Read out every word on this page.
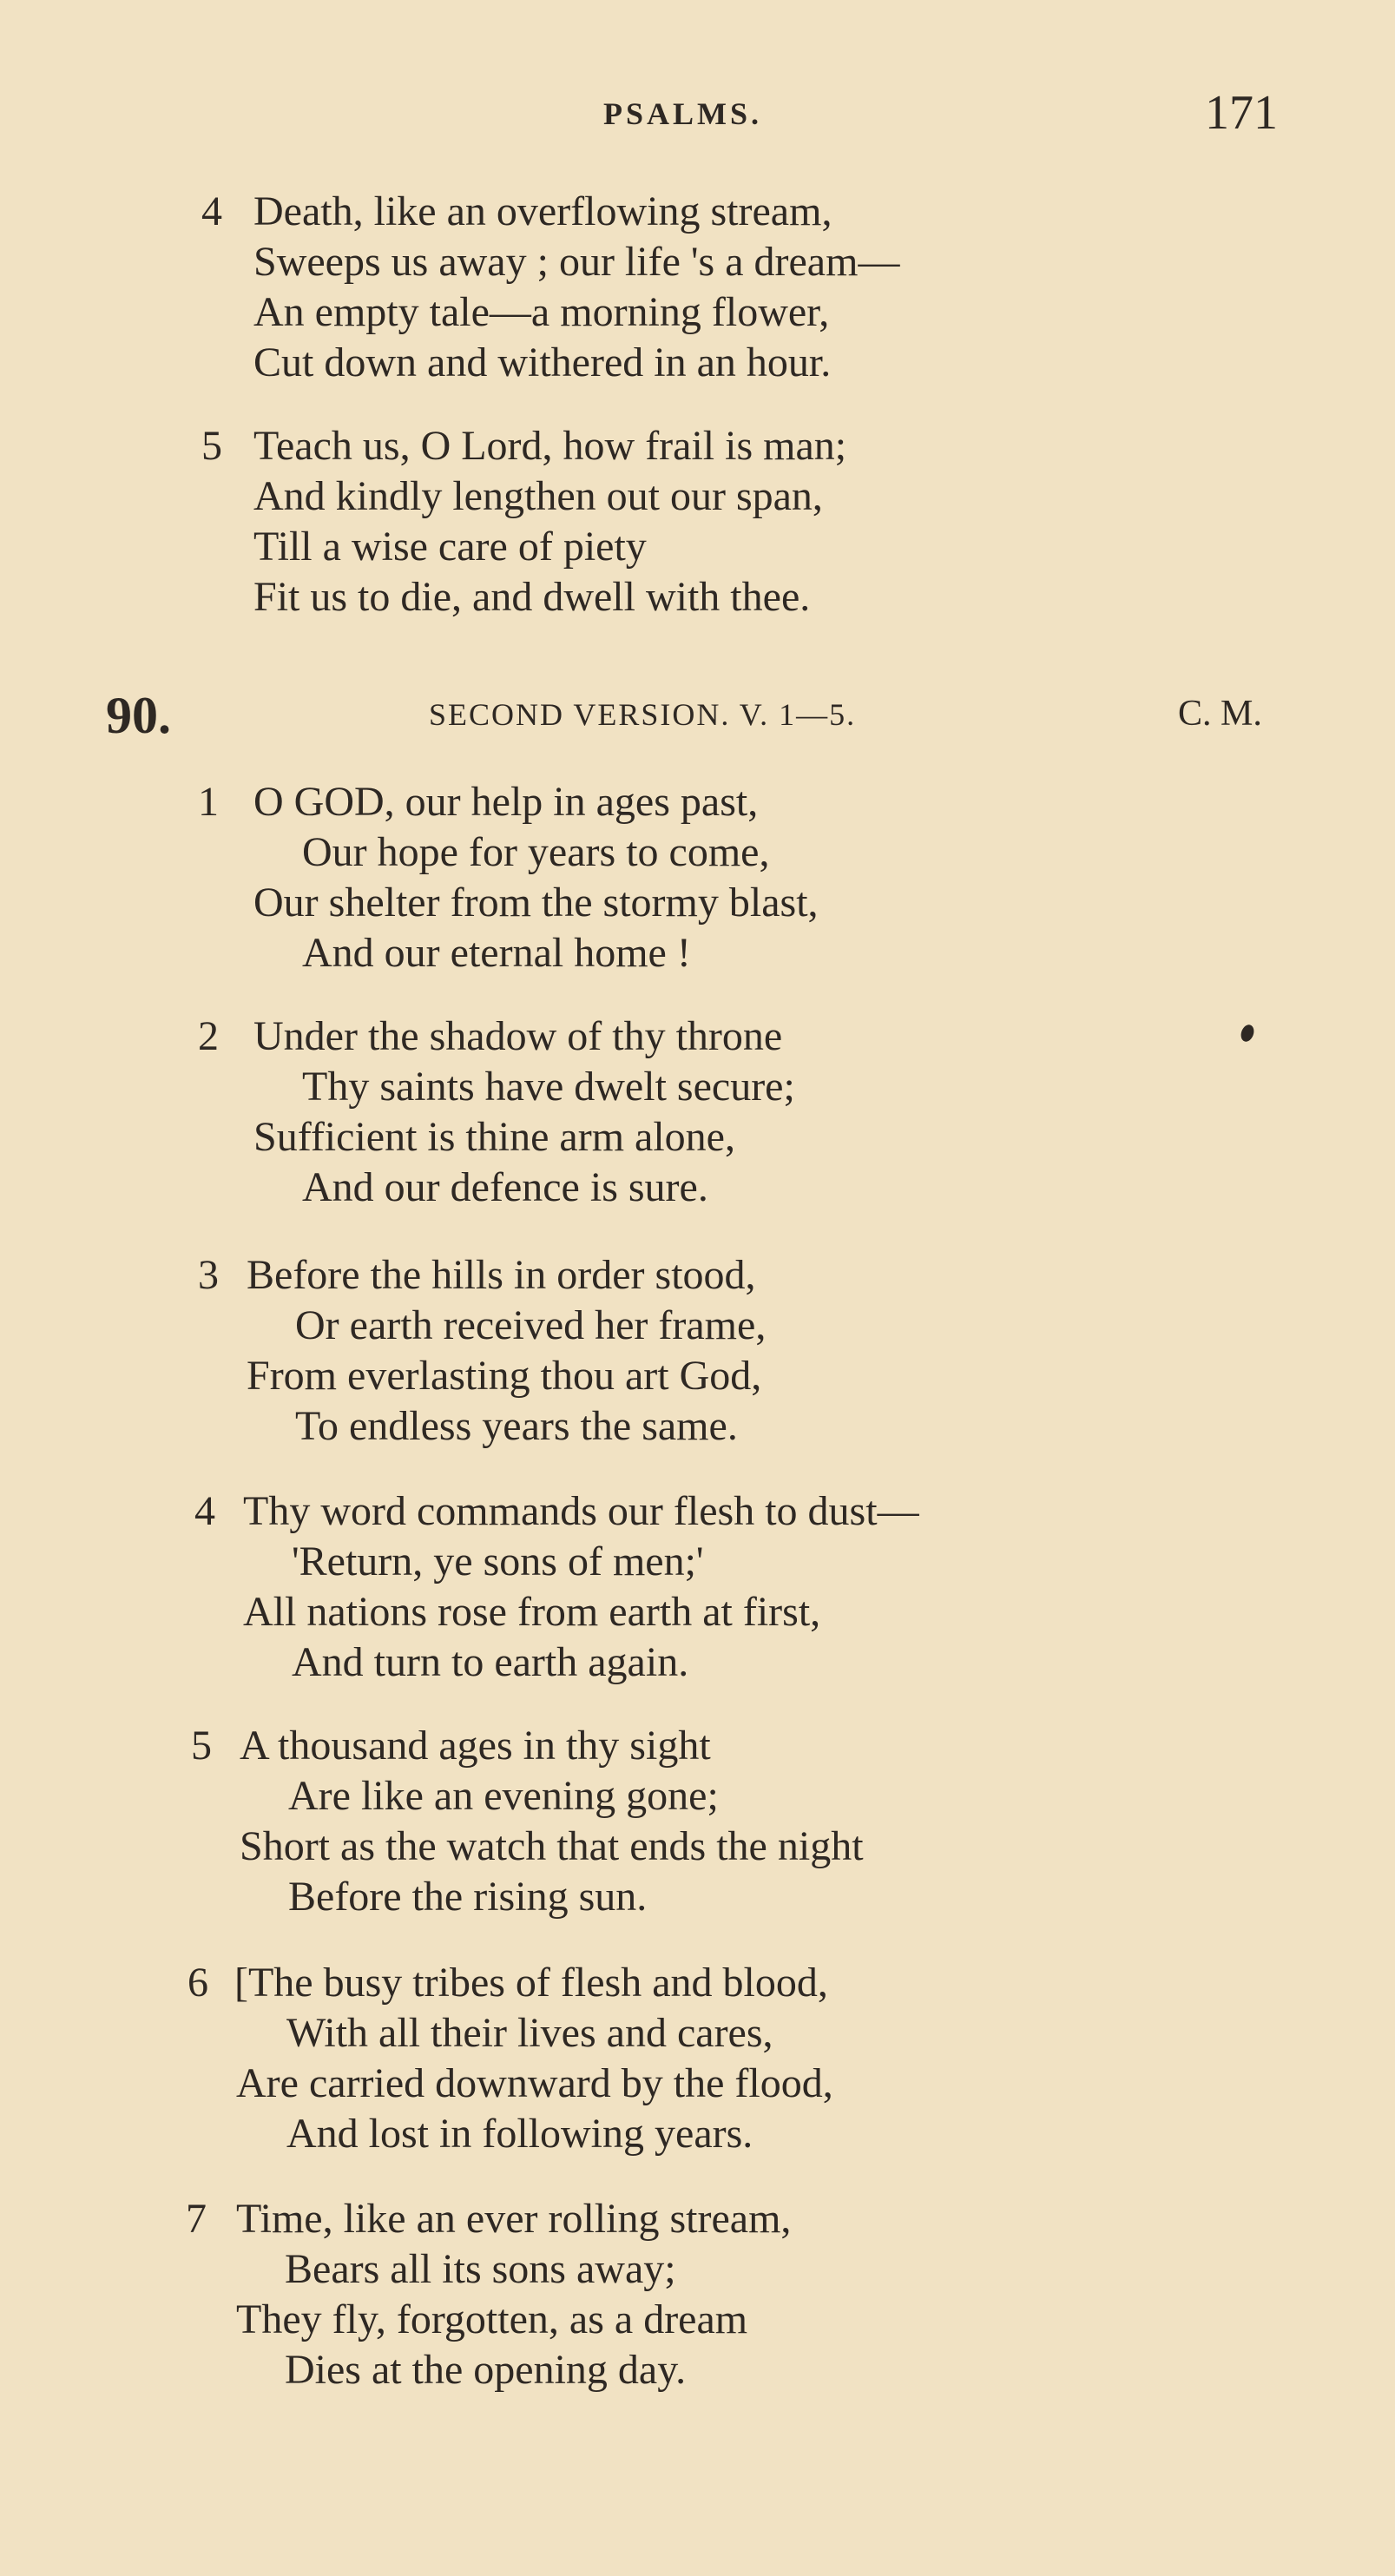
PSALMS.	171
4 Death, like an overflowing stream,
Sweeps us away ; our life 's a dream—
An empty tale—a morning flower,
Cut down and withered in an hour.
5 Teach us, O Lord, how frail is man;
And kindly lengthen out our span,
Till a wise care of piety
Fit us to die, and dwell with thee.
90.	SECOND VERSION. V. 1—5.	C. M.
1 O GOD, our help in ages past,
Our hope for years to come,
Our shelter from the stormy blast,
And our eternal home !
2 Under the shadow of thy throne
Thy saints have dwelt secure;
Sufficient is thine arm alone,
And our defence is sure.
3 Before the hills in order stood,
Or earth received her frame,
From everlasting thou art God,
To endless years the same.
4 Thy word commands our flesh to dust—
'Return, ye sons of men;'
All nations rose from earth at first,
And turn to earth again.
5 A thousand ages in thy sight
Are like an evening gone;
Short as the watch that ends the night
Before the rising sun.
6 [The busy tribes of flesh and blood,
With all their lives and cares,
Are carried downward by the flood,
And lost in following years.
7 Time, like an ever rolling stream,
Bears all its sons away;
They fly, forgotten, as a dream
Dies at the opening day.
